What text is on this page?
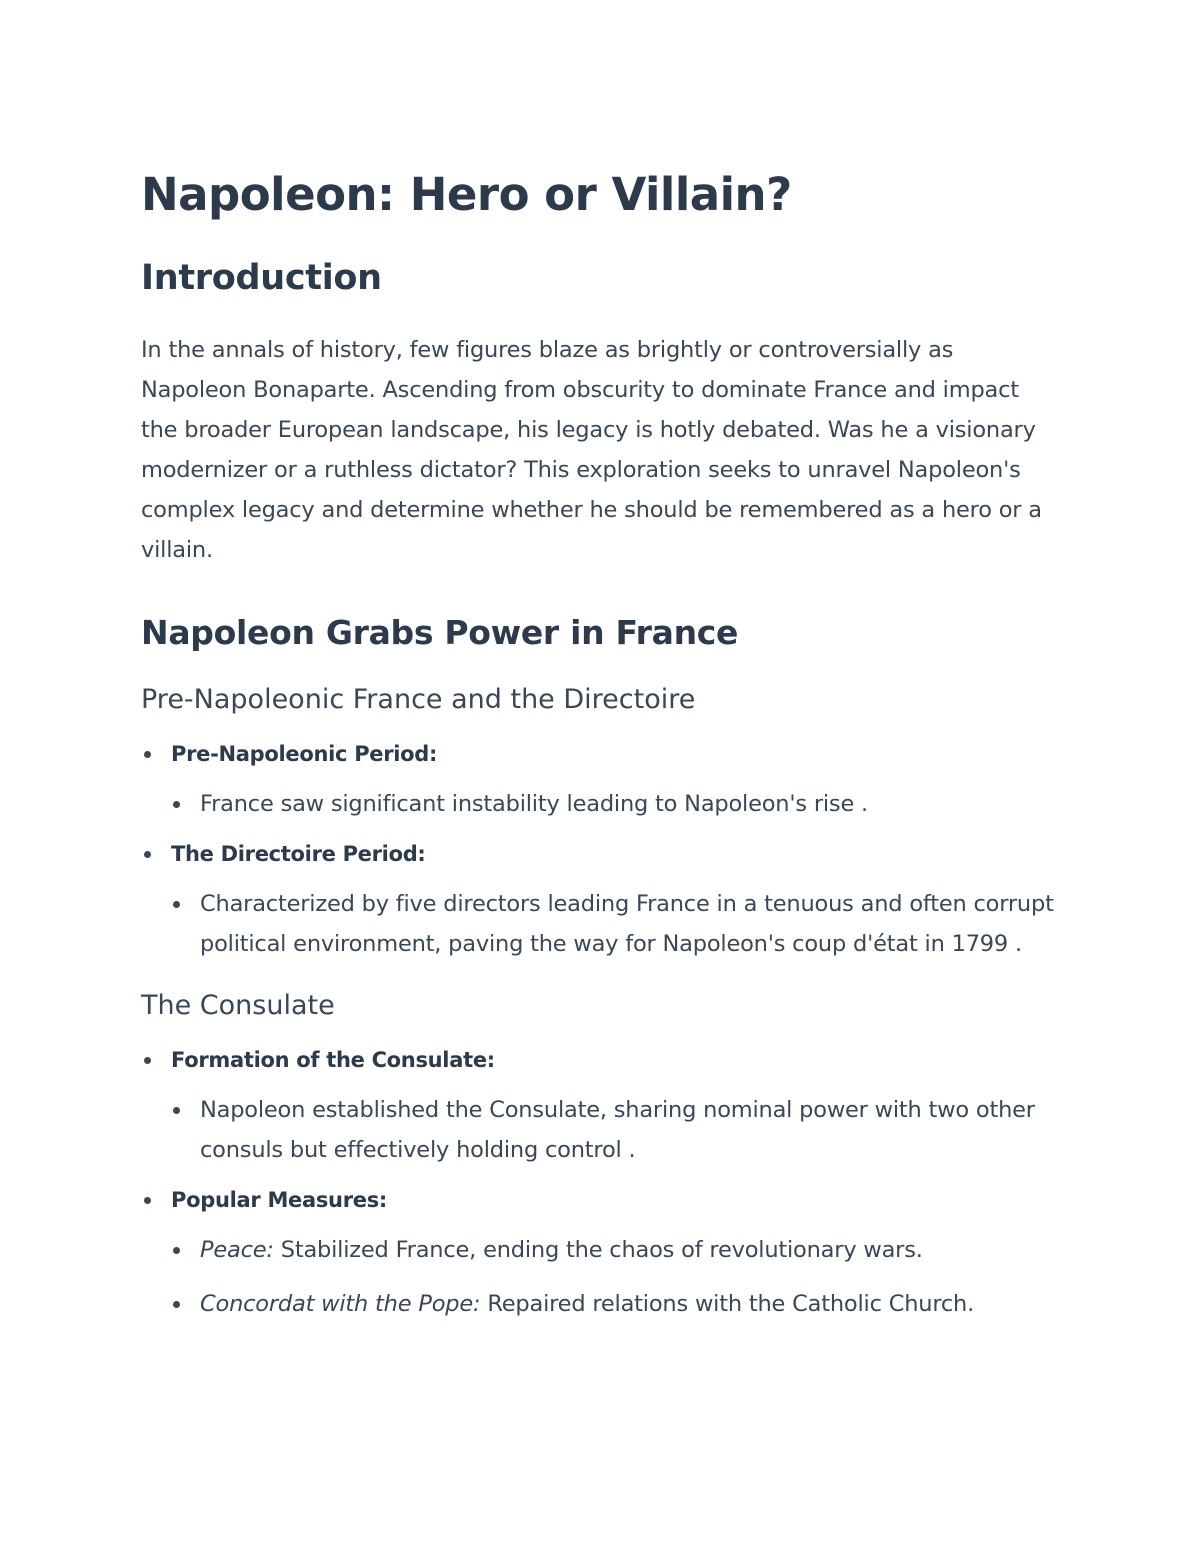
Napoleon: Hero or Villain?
Introduction

In the annals of history, few figures blaze as brightly or controversially as Napoleon Bonaparte. Ascending from obscurity to dominate France and impact the broader European landscape, his legacy is hotly debated. Was he a visionary modernizer or a ruthless dictator? This exploration seeks to unravel Napoleon's complex legacy and determine whether he should be remembered as a hero or a villain.

Napoleon Grabs Power in France
Pre-Napoleonic France and the Directoire
Pre-Napoleonic Period:
France saw significant instability leading to Napoleon's rise .
The Directoire Period:
Characterized by five directors leading France in a tenuous and often corrupt political environment, paving the way for Napoleon's coup d'état in 1799 .
The Consulate
Formation of the Consulate:
Napoleon established the Consulate, sharing nominal power with two other consuls but effectively holding control .
Popular Measures:
Peace: Stabilized France, ending the chaos of revolutionary wars.
Concordat with the Pope: Repaired relations with the Catholic Church.
